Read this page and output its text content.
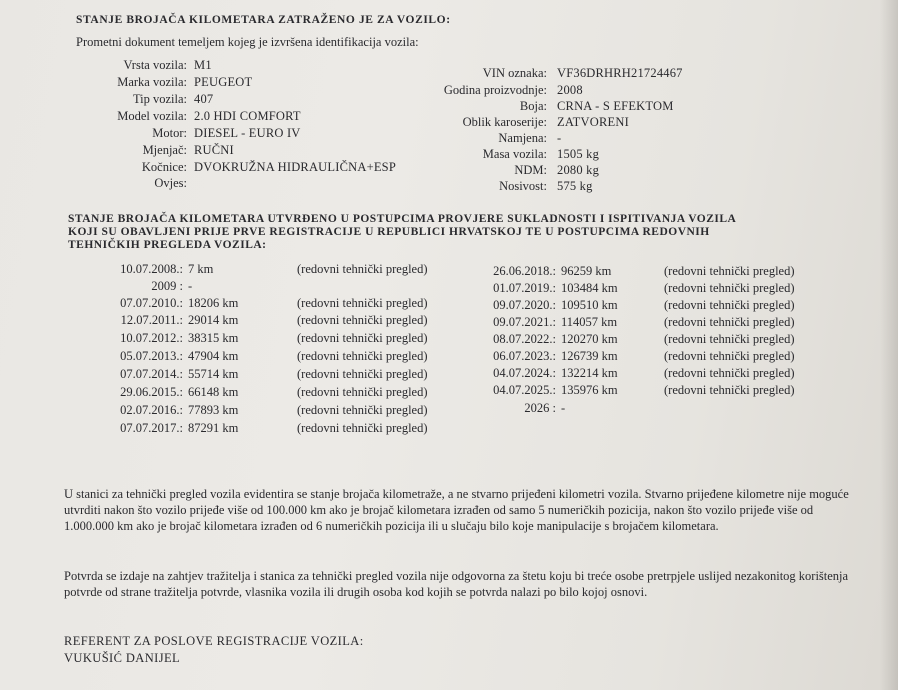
STANJE BROJAČA KILOMETARA ZATRAŽENO JE ZA VOZILO:
Prometni dokument temeljem kojeg je izvršena identifikacija vozila:
Vrsta vozila: M1
Marka vozila: PEUGEOT
Tip vozila: 407
Model vozila: 2.0 HDI COMFORT
Motor: DIESEL - EURO IV
Mjenjač: RUČNI
Kočnice: DVOKRUŽNA HIDRAULIČNA+ESP
Ovjes:
VIN oznaka: VF36DRHRH21724467
Godina proizvodnje: 2008
Boja: CRNA - S EFEKTOM
Oblik karoserije: ZATVORENI
Namjena: -
Masa vozila: 1505 kg
NDM: 2080 kg
Nosivost: 575 kg
STANJE BROJAČA KILOMETARA UTVRĐENO U POSTUPCIMA PROVJERE SUKLADNOSTI I ISPITIVANJA VOZILA
KOJI SU OBAVLJENI PRIJE PRVE REGISTRACIJE U REPUBLICI HRVATSKOJ TE U POSTUPCIMA REDOVNIH
TEHNIČKIH PREGLEDA VOZILA:
10.07.2008.: 7 km	(redovni tehnički pregled)
2009 : -
07.07.2010.: 18206 km	(redovni tehnički pregled)
12.07.2011.: 29014 km	(redovni tehnički pregled)
10.07.2012.: 38315 km	(redovni tehnički pregled)
05.07.2013.: 47904 km	(redovni tehnički pregled)
07.07.2014.: 55714 km	(redovni tehnički pregled)
29.06.2015.: 66148 km	(redovni tehnički pregled)
02.07.2016.: 77893 km	(redovni tehnički pregled)
07.07.2017.: 87291 km	(redovni tehnički pregled)
26.06.2018.: 96259 km	(redovni tehnički pregled)
01.07.2019.: 103484 km	(redovni tehnički pregled)
09.07.2020.: 109510 km	(redovni tehnički pregled)
09.07.2021.: 114057 km	(redovni tehnički pregled)
08.07.2022.: 120270 km	(redovni tehnički pregled)
06.07.2023.: 126739 km	(redovni tehnički pregled)
04.07.2024.: 132214 km	(redovni tehnički pregled)
04.07.2025.: 135976 km	(redovni tehnički pregled)
2026 : -
U stanici za tehnički pregled vozila evidentira se stanje brojača kilometraže, a ne stvarno prijeđeni kilometri vozila. Stvarno prijeđene kilometre nije moguće utvrditi nakon što vozilo prijeđe više od 100.000 km ako je brojač kilometara izrađen od samo 5 numeričkih pozicija, nakon što vozilo prijeđe više od 1.000.000 km ako je brojač kilometara izrađen od 6 numeričkih pozicija ili u slučaju bilo koje manipulacije s brojačem kilometara.
Potvrda se izdaje na zahtjev tražitelja i stanica za tehnički pregled vozila nije odgovorna za štetu koju bi treće osobe pretrpjele uslijed nezakonitog korištenja potvrde od strane tražitelja potvrde, vlasnika vozila ili drugih osoba kod kojih se potvrda nalazi po bilo kojoj osnovi.
REFERENT ZA POSLOVE REGISTRACIJE VOZILA:
VUKUŠIĆ DANIJEL
